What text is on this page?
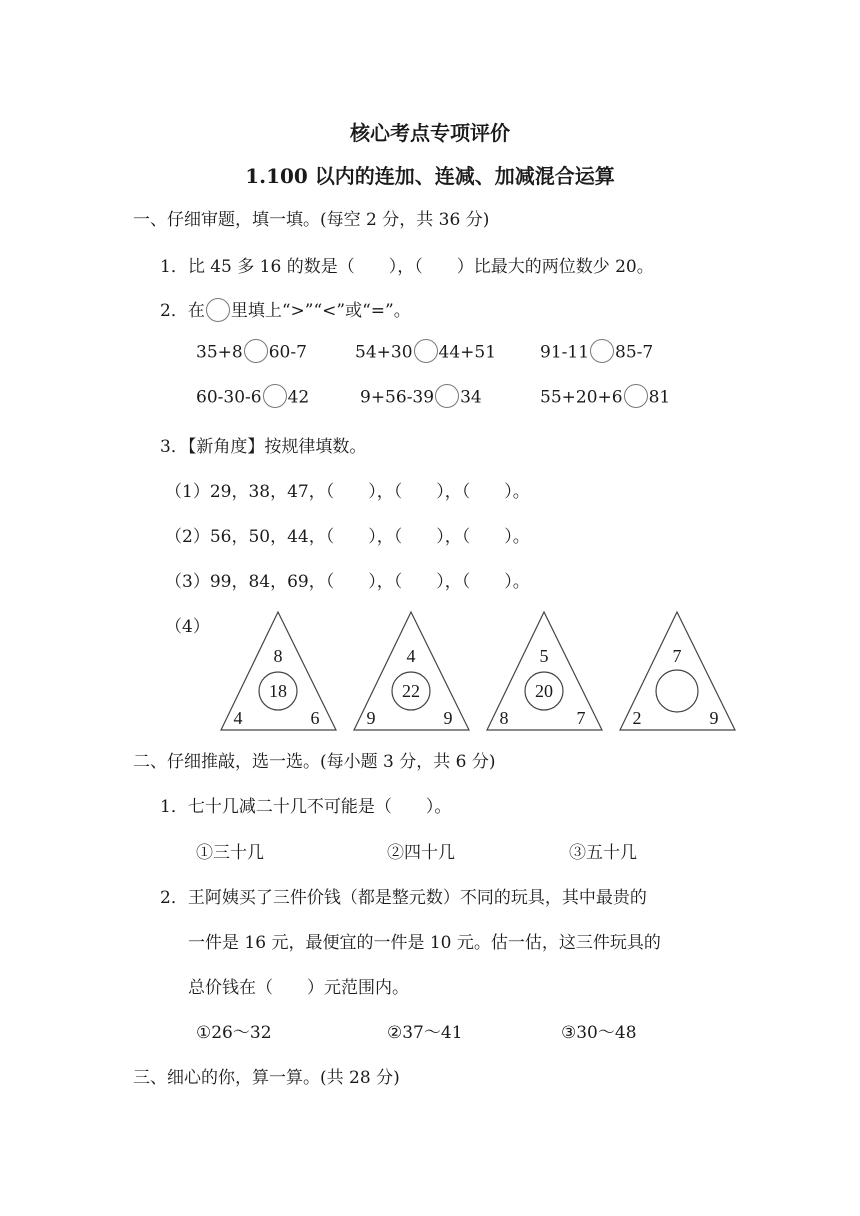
核心考点专项评价
1.100 以内的连加、连减、加减混合运算
一、仔细审题，填一填。(每空 2 分，共 36 分)
1．比 45 多 16 的数是（　　），（　　）比最大的两位数少 20。
2．在 里填上“>”“<”或“=”。
35+8 60-7	54+30 44+51	91-11 85-7
60-30-6 42	9+56-39 34	55+20+6 81
3．【新角度】按规律填数。
（1）29，38，47，（　　），（　　），（　　）。
（2）56，50，44，（　　），（　　），（　　）。
（3）99，84，69，（　　），（　　），（　　）。
（4）
8
18
4	6
4
22
9	9
5
20
8	7
7
2	9
二、仔细推敲，选一选。(每小题 3 分，共 6 分)
1．七十几减二十几不可能是（　　）。
①三十几	②四十几	③五十几
2．王阿姨买了三件价钱（都是整元数）不同的玩具，其中最贵的
一件是 16 元，最便宜的一件是 10 元。估一估，这三件玩具的
总价钱在（　　）元范围内。
①26～32	②37～41	③30～48
三、细心的你，算一算。(共 28 分)
